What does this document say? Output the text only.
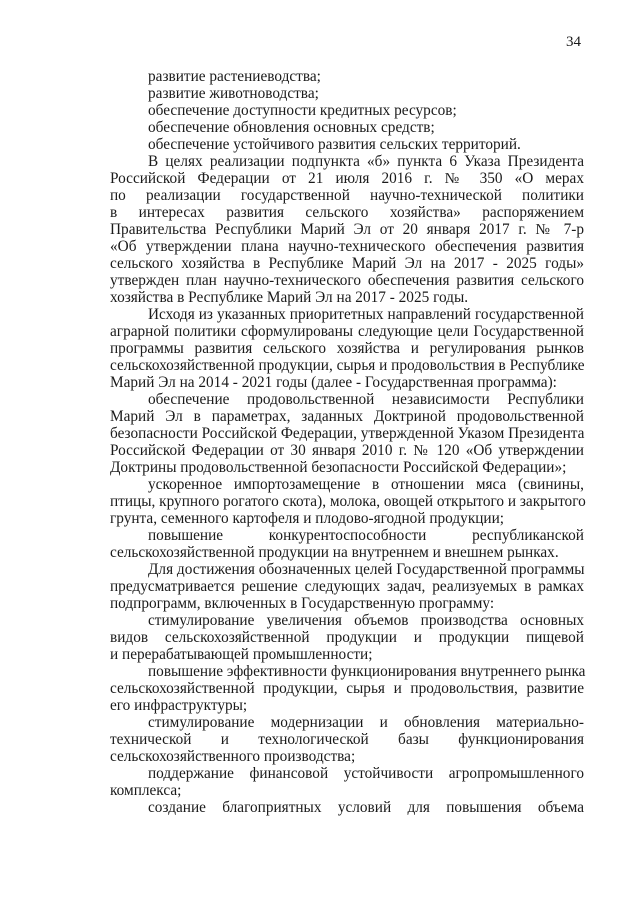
34
развитие растениеводства;
развитие животноводства;
обеспечение доступности кредитных ресурсов;
обеспечение обновления основных средств;
обеспечение устойчивого развития сельских территорий.
В целях реализации подпункта «б» пункта 6 Указа Президента
Российской Федерации от 21 июля 2016 г. № 350 «О мерах
по реализации государственной научно-технической политики
в интересах развития сельского хозяйства» распоряжением
Правительства Республики Марий Эл от 20 января 2017 г. № 7-р
«Об утверждении плана научно-технического обеспечения развития
сельского хозяйства в Республике Марий Эл на 2017 - 2025 годы»
утвержден план научно-технического обеспечения развития сельского
хозяйства в Республике Марий Эл на 2017 - 2025 годы.
Исходя из указанных приоритетных направлений государственной
аграрной политики сформулированы следующие цели Государственной
программы развития сельского хозяйства и регулирования рынков
сельскохозяйственной продукции, сырья и продовольствия в Республике
Марий Эл на 2014 - 2021 годы (далее - Государственная программа):
обеспечение продовольственной независимости Республики
Марий Эл в параметрах, заданных Доктриной продовольственной
безопасности Российской Федерации, утвержденной Указом Президента
Российской Федерации от 30 января 2010 г. № 120 «Об утверждении
Доктрины продовольственной безопасности Российской Федерации»;
ускоренное импортозамещение в отношении мяса (свинины,
птицы, крупного рогатого скота), молока, овощей открытого и закрытого
грунта, семенного картофеля и плодово-ягодной продукции;
повышение конкурентоспособности республиканской
сельскохозяйственной продукции на внутреннем и внешнем рынках.
Для достижения обозначенных целей Государственной программы
предусматривается решение следующих задач, реализуемых в рамках
подпрограмм, включенных в Государственную программу:
стимулирование увеличения объемов производства основных
видов сельскохозяйственной продукции и продукции пищевой
и перерабатывающей промышленности;
повышение эффективности функционирования внутреннего рынка
сельскохозяйственной продукции, сырья и продовольствия, развитие
его инфраструктуры;
стимулирование модернизации и обновления материально-
технической и технологической базы функционирования
сельскохозяйственного производства;
поддержание финансовой устойчивости агропромышленного
комплекса;
создание благоприятных условий для повышения объема
